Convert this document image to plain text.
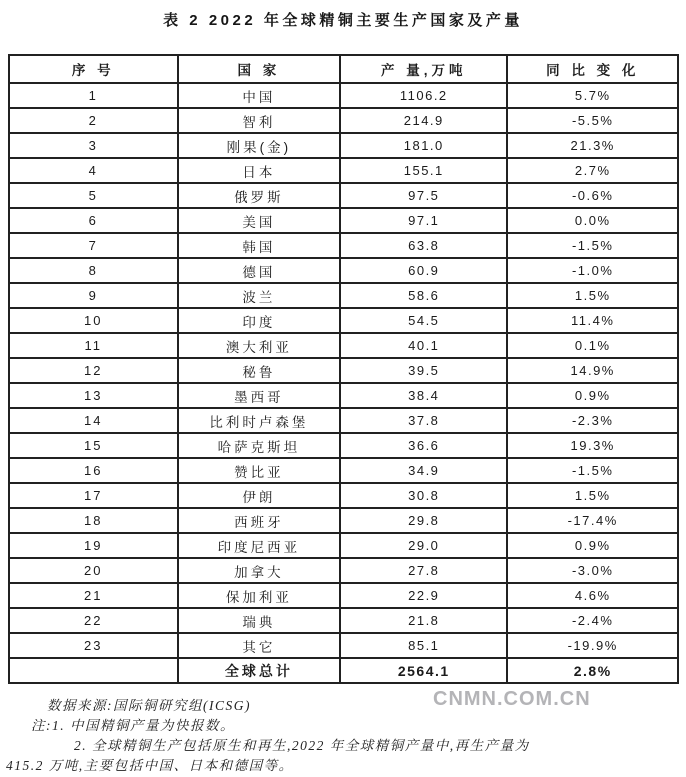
表 2 2022 年全球精铜主要生产国家及产量
序 号	国 家	产 量,万吨	同 比 变 化
1	中国	1106.2	5.7%
2	智利	214.9	-5.5%
3	刚果(金)	181.0	21.3%
4	日本	155.1	2.7%
5	俄罗斯	97.5	-0.6%
6	美国	97.1	0.0%
7	韩国	63.8	-1.5%
8	德国	60.9	-1.0%
9	波兰	58.6	1.5%
10	印度	54.5	11.4%
11	澳大利亚	40.1	0.1%
12	秘鲁	39.5	14.9%
13	墨西哥	38.4	0.9%
14	比利时卢森堡	37.8	-2.3%
15	哈萨克斯坦	36.6	19.3%
16	赞比亚	34.9	-1.5%
17	伊朗	30.8	1.5%
18	西班牙	29.8	-17.4%
19	印度尼西亚	29.0	0.9%
20	加拿大	27.8	-3.0%
21	保加利亚	22.9	4.6%
22	瑞典	21.8	-2.4%
23	其它	85.1	-19.9%
	全球总计	2564.1	2.8%
CNMN.COM.CN
数据来源:国际铜研究组(ICSG)
注:1. 中国精铜产量为快报数。
2. 全球精铜生产包括原生和再生,2022 年全球精铜产量中,再生产量为
415.2 万吨,主要包括中国、日本和德国等。
